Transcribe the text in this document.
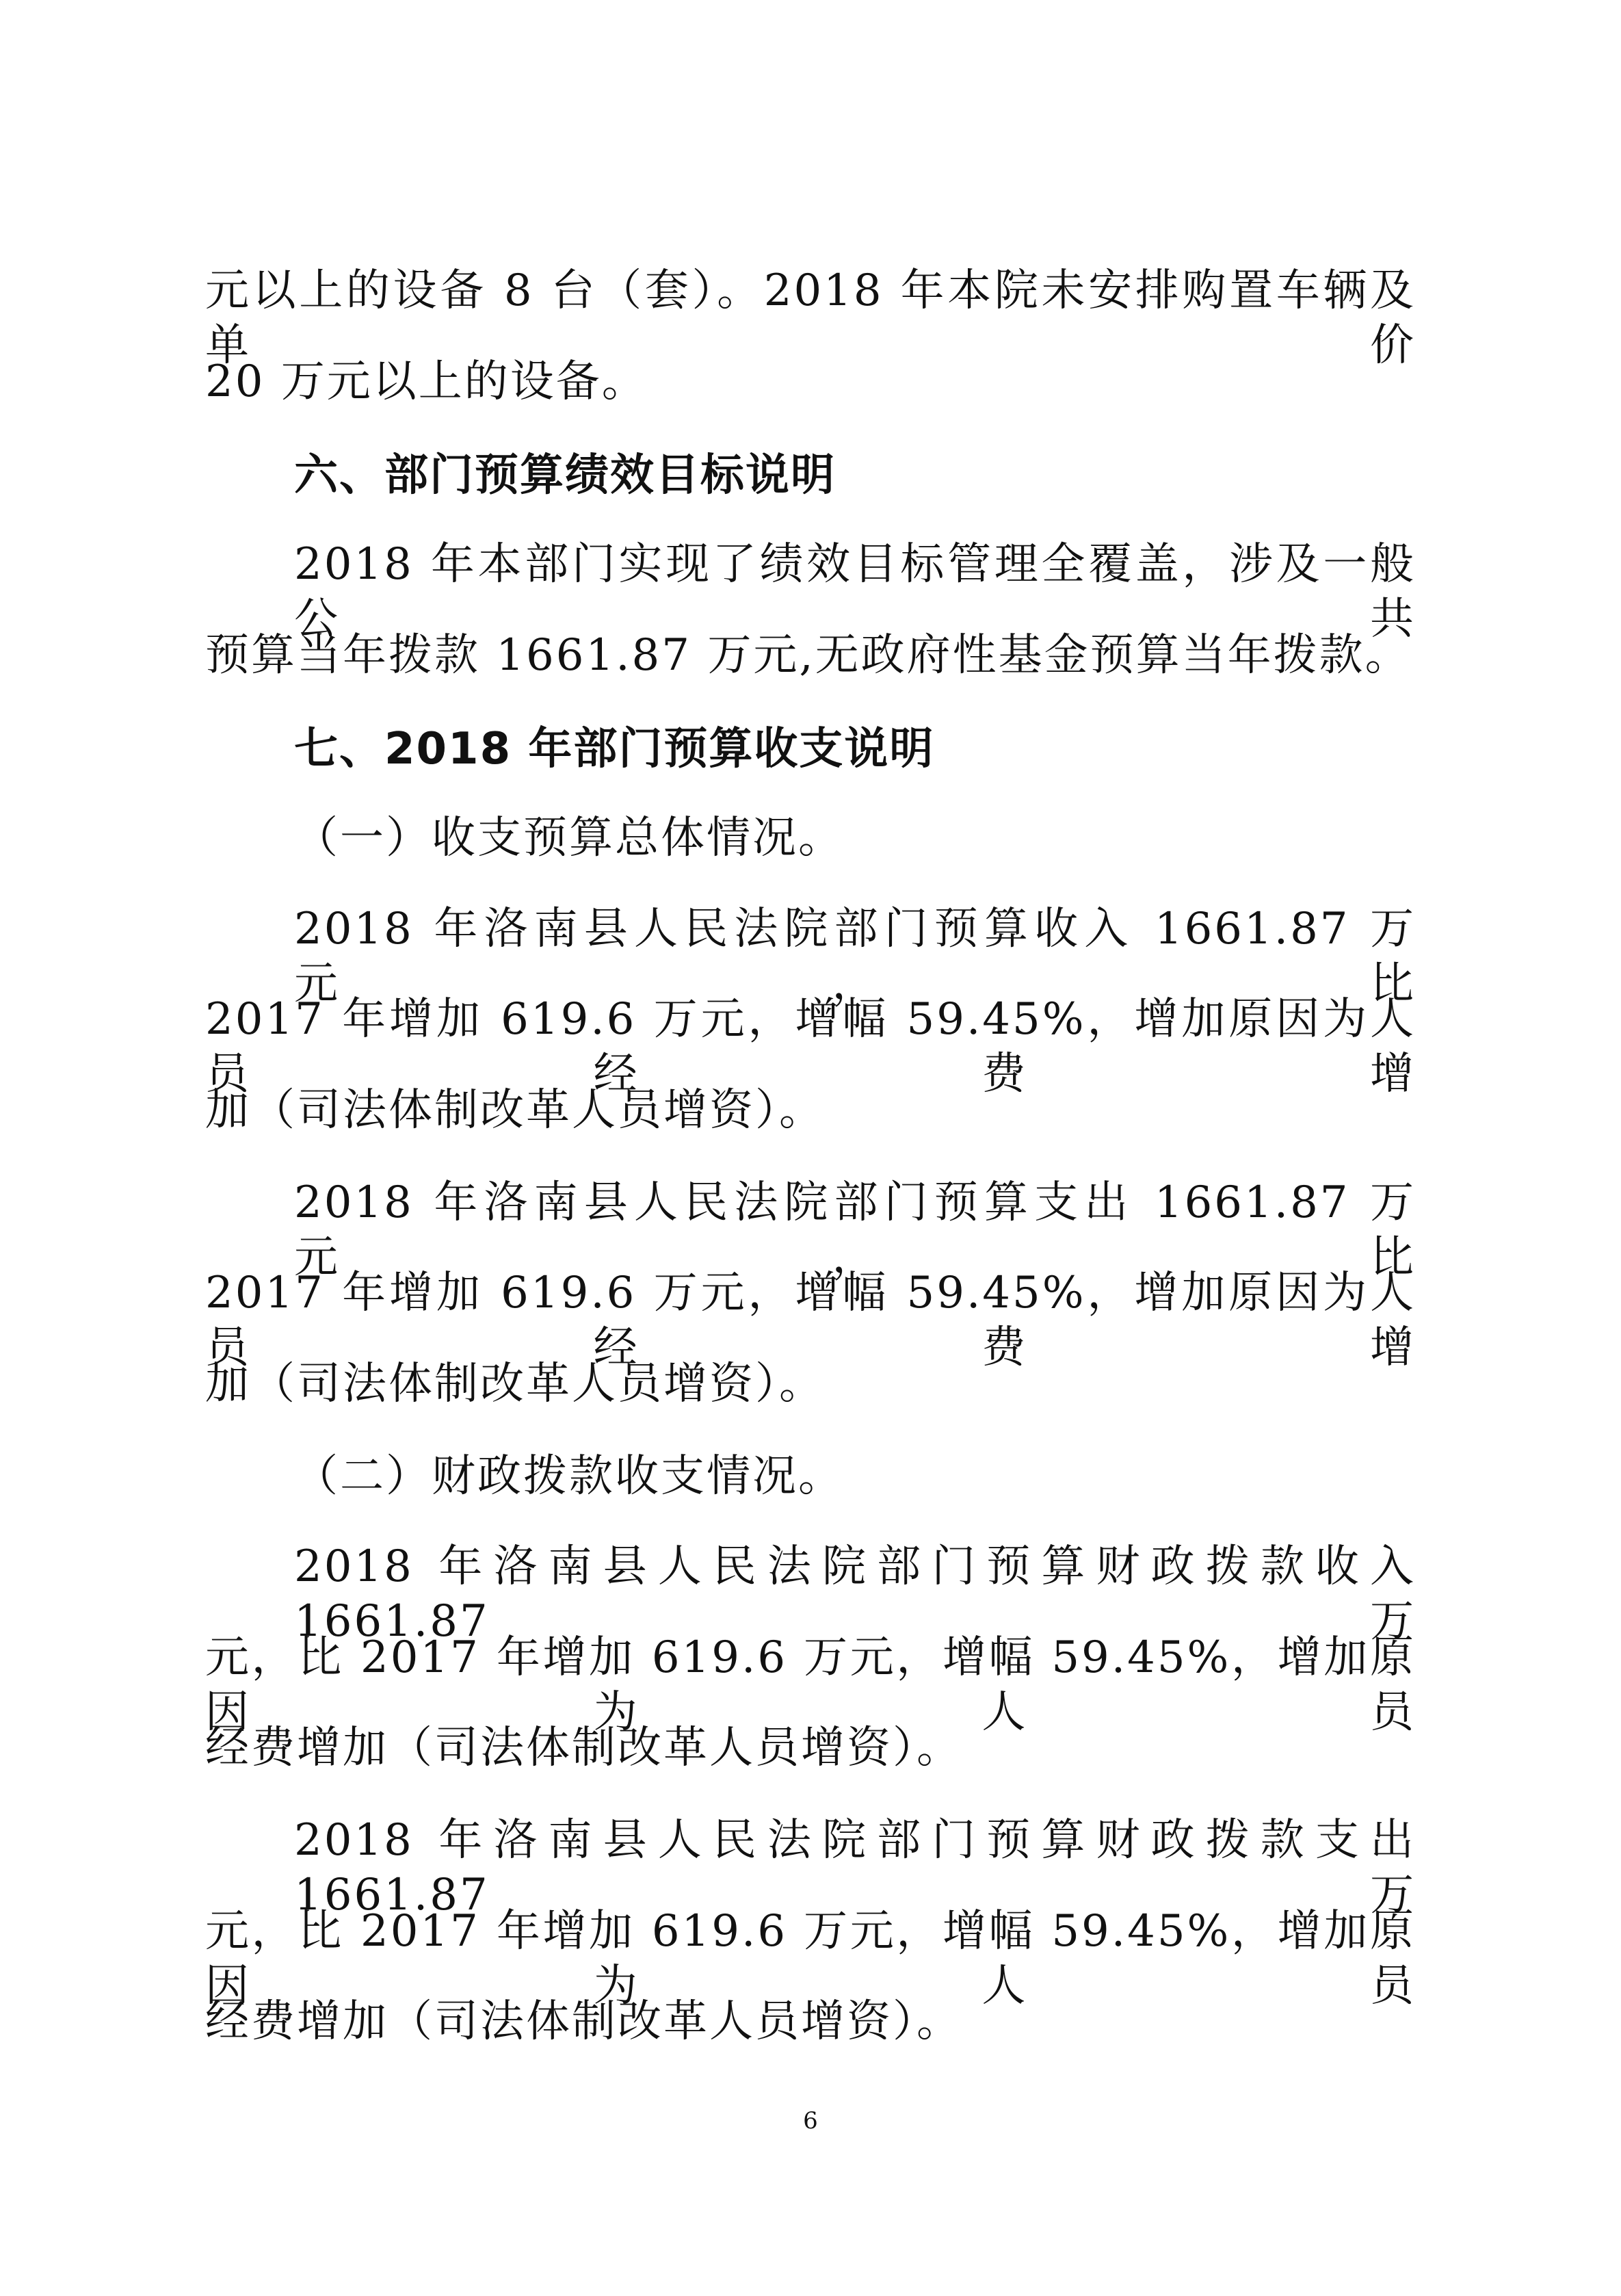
元以上的设备 8 台（套）。2018 年本院未安排购置车辆及单价
20 万元以上的设备。
六、部门预算绩效目标说明
2018 年本部门实现了绩效目标管理全覆盖，涉及一般公共
预算当年拨款 1661.87 万元,无政府性基金预算当年拨款。
七、2018 年部门预算收支说明
（一）收支预算总体情况。
2018 年洛南县人民法院部门预算收入 1661.87 万元，比
2017 年增加 619.6 万元，增幅 59.45%，增加原因为人员经费增
加（司法体制改革人员增资）。
2018 年洛南县人民法院部门预算支出 1661.87 万元，比
2017 年增加 619.6 万元，增幅 59.45%，增加原因为人员经费增
加（司法体制改革人员增资）。
（二）财政拨款收支情况。
2018 年洛南县人民法院部门预算财政拨款收入 1661.87 万
元，比 2017 年增加 619.6 万元，增幅 59.45%，增加原因为人员
经费增加（司法体制改革人员增资）。
2018 年洛南县人民法院部门预算财政拨款支出 1661.87 万
元，比 2017 年增加 619.6 万元，增幅 59.45%，增加原因为人员
经费增加（司法体制改革人员增资）。
6
